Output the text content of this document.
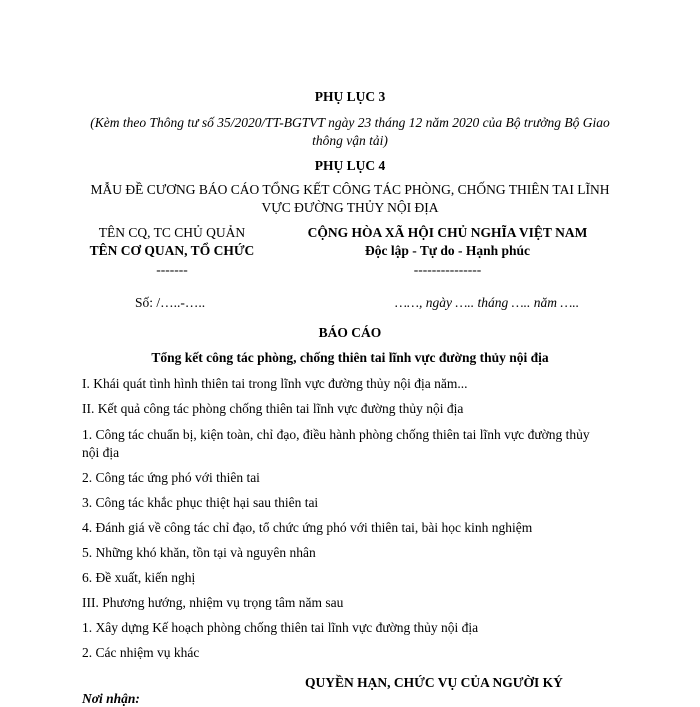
PHỤ LỤC 3
(Kèm theo Thông tư số 35/2020/TT-BGTVT ngày 23 tháng 12 năm 2020 của Bộ trưởng Bộ Giao
thông vận tải)
PHỤ LỤC 4
MẪU ĐỀ CƯƠNG BÁO CÁO TỔNG KẾT CÔNG TÁC PHÒNG, CHỐNG THIÊN TAI LĨNH
VỰC ĐƯỜNG THỦY NỘI ĐỊA
TÊN CQ, TC CHỦ QUẢN
TÊN CƠ QUAN, TỔ CHỨC
-------
Số: /…..-…..
CỘNG HÒA XÃ HỘI CHỦ NGHĨA VIỆT NAM
Độc lập - Tự do - Hạnh phúc
---------------
……, ngày ….. tháng ….. năm …..
BÁO CÁO
Tổng kết công tác phòng, chống thiên tai lĩnh vực đường thủy nội địa
I. Khái quát tình hình thiên tai trong lĩnh vực đường thủy nội địa năm...
II. Kết quả công tác phòng chống thiên tai lĩnh vực đường thủy nội địa
1. Công tác chuẩn bị, kiện toàn, chỉ đạo, điều hành phòng chống thiên tai lĩnh vực đường thủy nội địa
2. Công tác ứng phó với thiên tai
3. Công tác khắc phục thiệt hại sau thiên tai
4. Đánh giá về công tác chỉ đạo, tổ chức ứng phó với thiên tai, bài học kinh nghiệm
5. Những khó khăn, tồn tại và nguyên nhân
6. Đề xuất, kiến nghị
III. Phương hướng, nhiệm vụ trọng tâm năm sau
1. Xây dựng Kế hoạch phòng chống thiên tai lĩnh vực đường thủy nội địa
2. Các nhiệm vụ khác
QUYỀN HẠN, CHỨC VỤ CỦA NGƯỜI KÝ
Nơi nhận:
